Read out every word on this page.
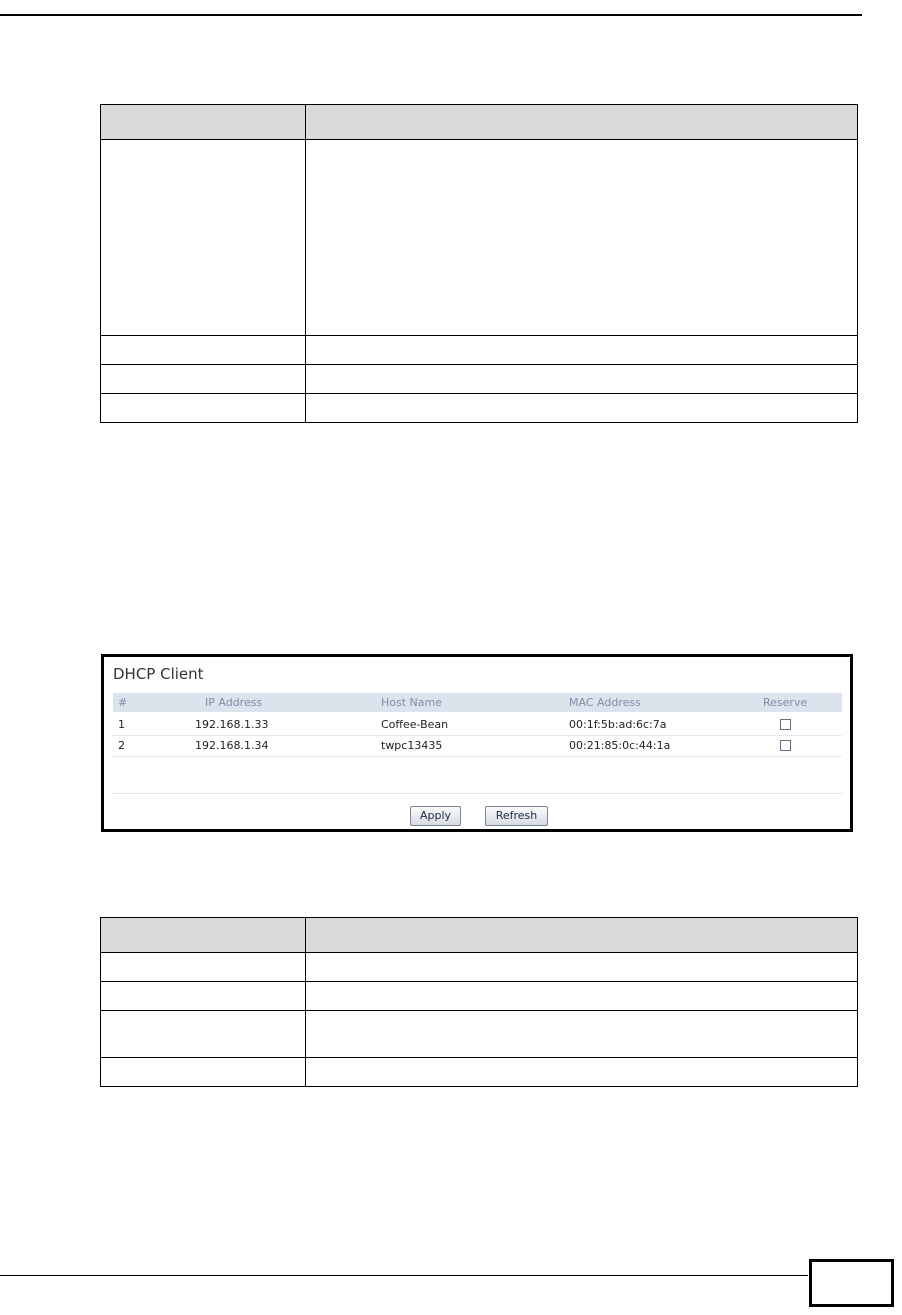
DHCP Client
#	IP Address	Host Name	MAC Address	Reserve
1	192.168.1.33	Coffee-Bean	00:1f:5b:ad:6c:7a
2	192.168.1.34	twpc13435	00:21:85:0c:44:1a
Apply	Refresh
